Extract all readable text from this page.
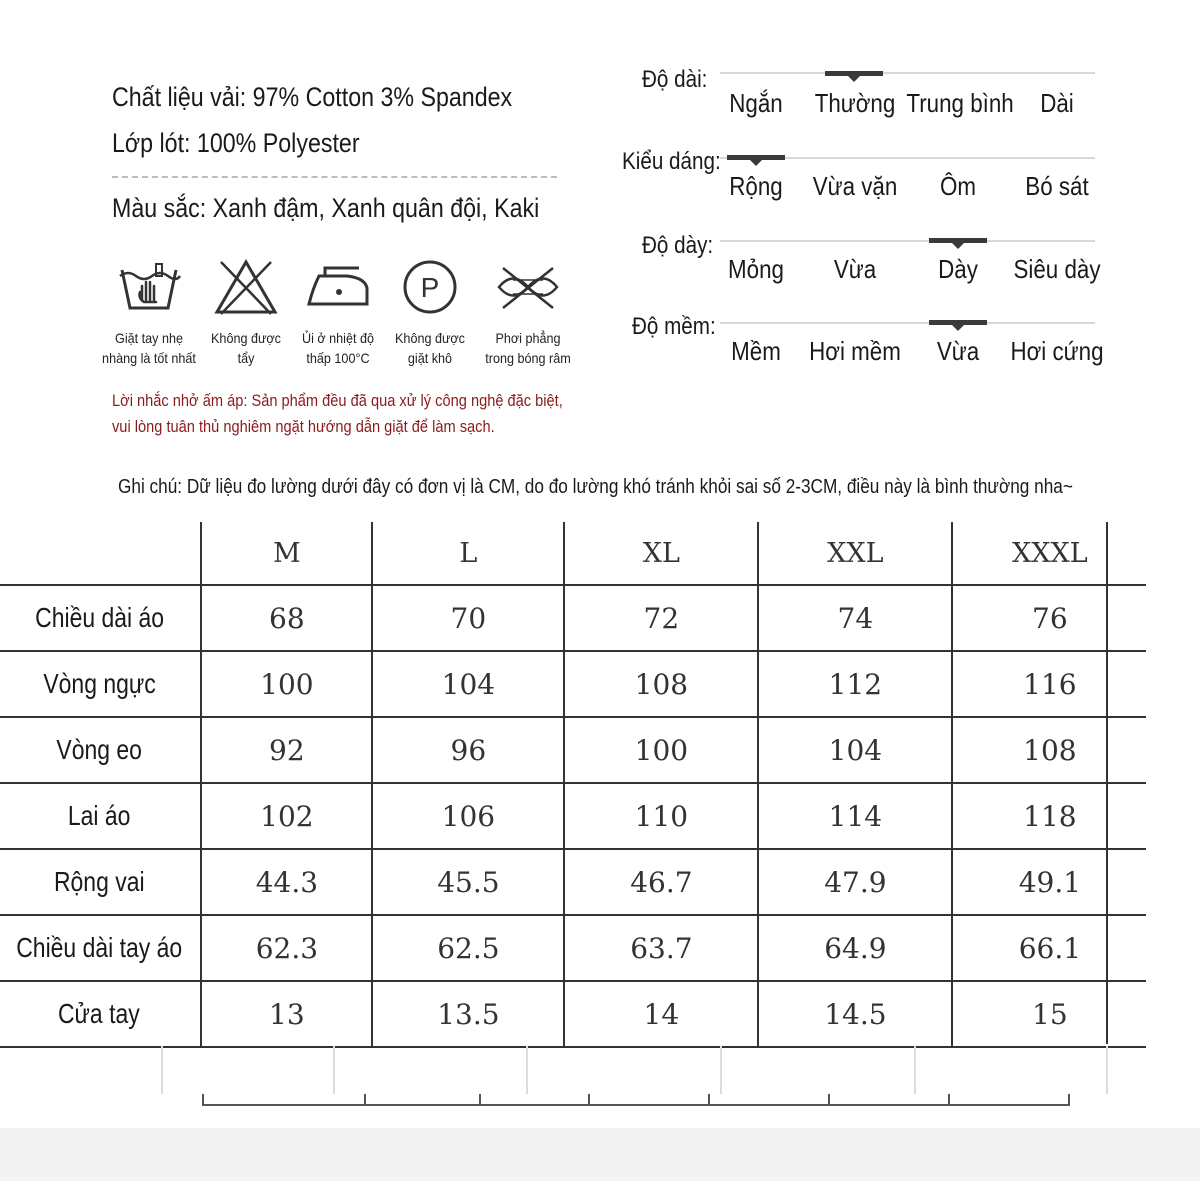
Chất liệu vải: 97% Cotton 3% Spandex
Lớp lót: 100% Polyester
Màu sắc: Xanh đậm, Xanh quân đội, Kaki
Giặt tay nhẹ
nhàng là tốt nhất
Không được
tẩy
Ủi ở nhiệt độ
thấp 100°C
P
Không được
giặt khô
Phơi phẳng
trong bóng râm
Lời nhắc nhở ấm áp: Sản phẩm đều đã qua xử lý công nghệ đặc biệt,
vui lòng tuân thủ nghiêm ngặt hướng dẫn giặt để làm sạch.
Độ dài:
Ngắn	Thường Trung bình	Dài
Kiểu dáng:
Rộng	Vừa vặn	Ôm	Bó sát
Độ dày:
Mỏng	Vừa	Dày	Siêu dày
Độ mềm:
Mềm	Hơi mềm	Vừa	Hơi cứng
Ghi chú: Dữ liệu đo lường dưới đây có đơn vị là CM, do đo lường khó tránh khỏi sai số 2-3CM, điều này là bình thường nha~
	M	L	XL	XXL	XXXL
Chiều dài áo	68	70	72	74	76
Vòng ngực	100	104	108	112	116
Vòng eo	92	96	100	104	108
Lai áo	102	106	110	114	118
Rộng vai	44.3	45.5	46.7	47.9	49.1
Chiều dài tay áo	62.3	62.5	63.7	64.9	66.1
Cửa tay	13	13.5	14	14.5	15
